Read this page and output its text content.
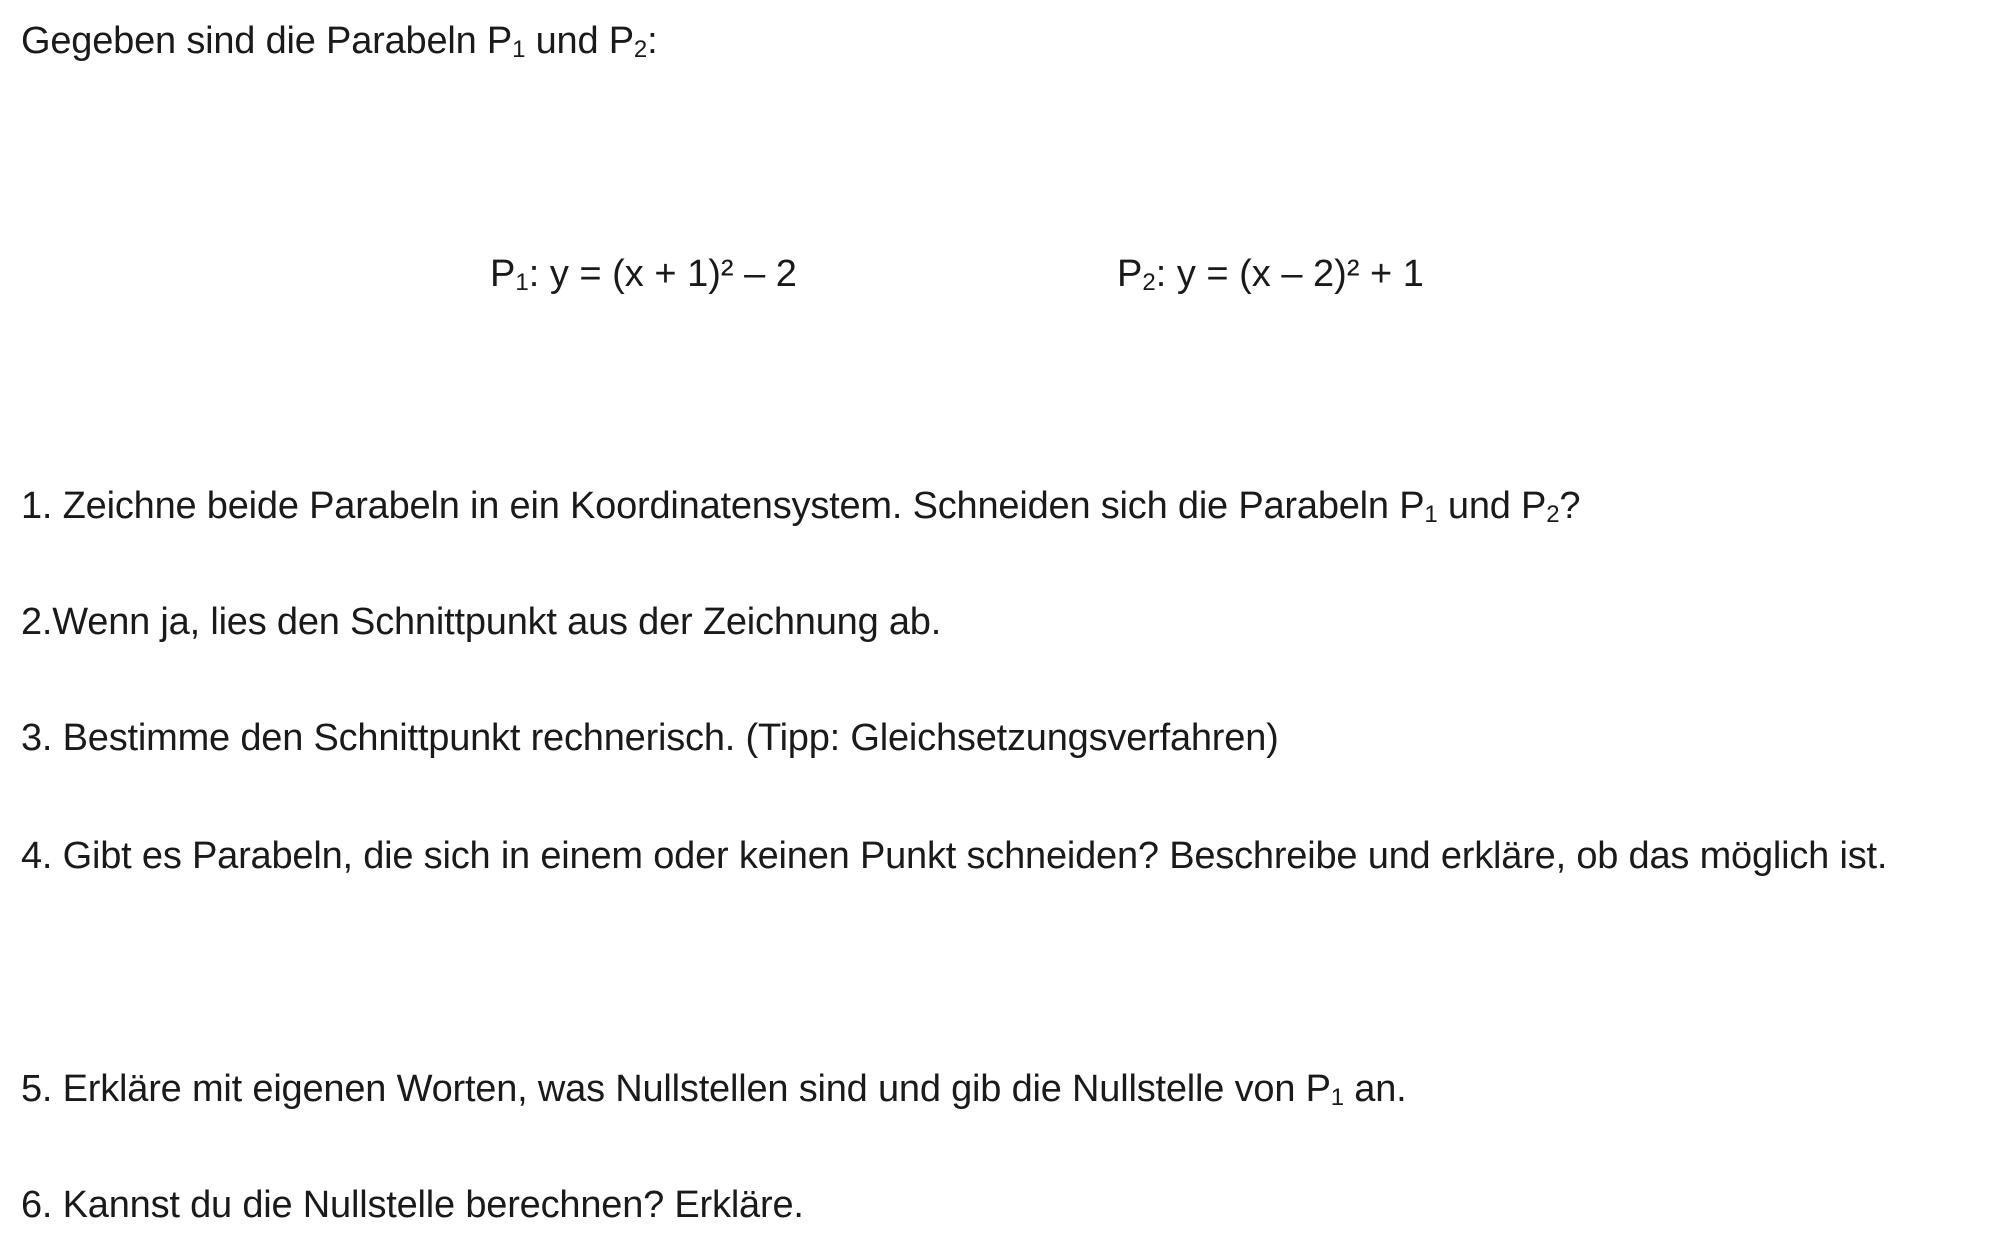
Gegeben sind die Parabeln $P_1$ und $P_2$:
$P_1$: y = (x + 1)² – 2	$P_2$: y = (x – 2)² + 1
1. Zeichne beide Parabeln in ein Koordinatensystem. Schneiden sich die Parabeln $P_1$ und $P_2$?
2.Wenn ja, lies den Schnittpunkt aus der Zeichnung ab.
3. Bestimme den Schnittpunkt rechnerisch. (Tipp: Gleichsetzungsverfahren)
4. Gibt es Parabeln, die sich in einem oder keinen Punkt schneiden? Beschreibe und erkläre, ob das möglich ist.
5. Erkläre mit eigenen Worten, was Nullstellen sind und gib die Nullstelle von $P_1$ an.
6. Kannst du die Nullstelle berechnen? Erkläre.
